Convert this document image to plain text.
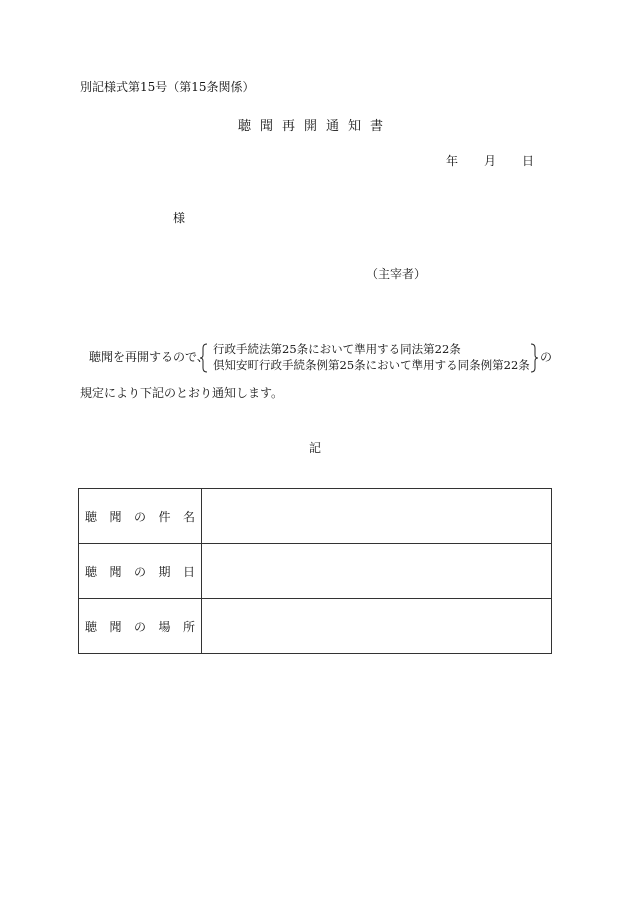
別記様式第15号（第15条関係）
聴聞再開通知書
年 月 日
様
（主宰者）
聴聞を再開するので、
行政手続法第25条において準用する同法第22条
倶知安町行政手続条例第25条において準用する同条例第22条
の
規定により下記のとおり通知します。
記
聴 聞 の 件 名	

聴 聞 の 期 日	

聴 聞 の 場 所	
